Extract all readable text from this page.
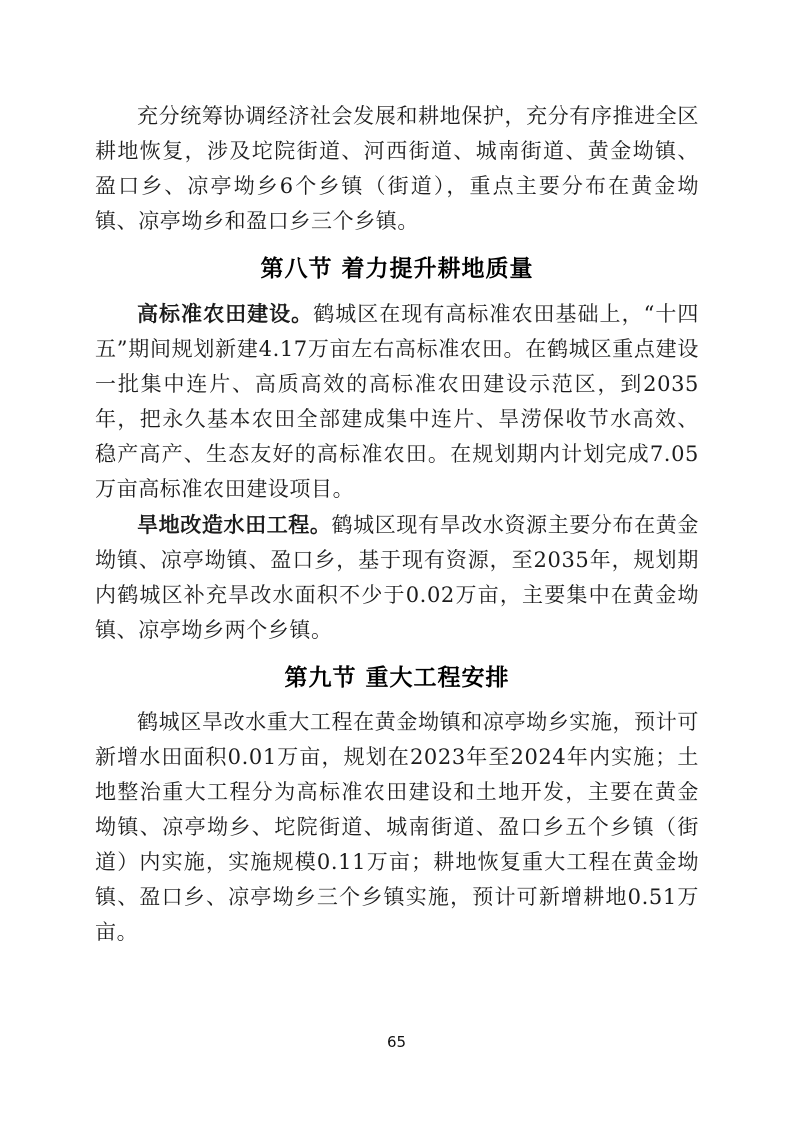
充分统筹协调经济社会发展和耕地保护，充分有序推进全区耕地恢复，涉及坨院街道、河西街道、城南街道、黄金坳镇、盈口乡、凉亭坳乡6个乡镇（街道），重点主要分布在黄金坳镇、凉亭坳乡和盈口乡三个乡镇。

第八节 着力提升耕地质量

高标准农田建设。鹤城区在现有高标准农田基础上，“十四五”期间规划新建4.17万亩左右高标准农田。在鹤城区重点建设一批集中连片、高质高效的高标准农田建设示范区，到2035年，把永久基本农田全部建成集中连片、旱涝保收节水高效、稳产高产、生态友好的高标准农田。在规划期内计划完成7.05万亩高标准农田建设项目。

旱地改造水田工程。鹤城区现有旱改水资源主要分布在黄金坳镇、凉亭坳镇、盈口乡，基于现有资源，至2035年，规划期内鹤城区补充旱改水面积不少于0.02万亩，主要集中在黄金坳镇、凉亭坳乡两个乡镇。

第九节 重大工程安排

鹤城区旱改水重大工程在黄金坳镇和凉亭坳乡实施，预计可新增水田面积0.01万亩，规划在2023年至2024年内实施；土地整治重大工程分为高标准农田建设和土地开发，主要在黄金坳镇、凉亭坳乡、坨院街道、城南街道、盈口乡五个乡镇（街道）内实施，实施规模0.11万亩；耕地恢复重大工程在黄金坳镇、盈口乡、凉亭坳乡三个乡镇实施，预计可新增耕地0.51万亩。

65
